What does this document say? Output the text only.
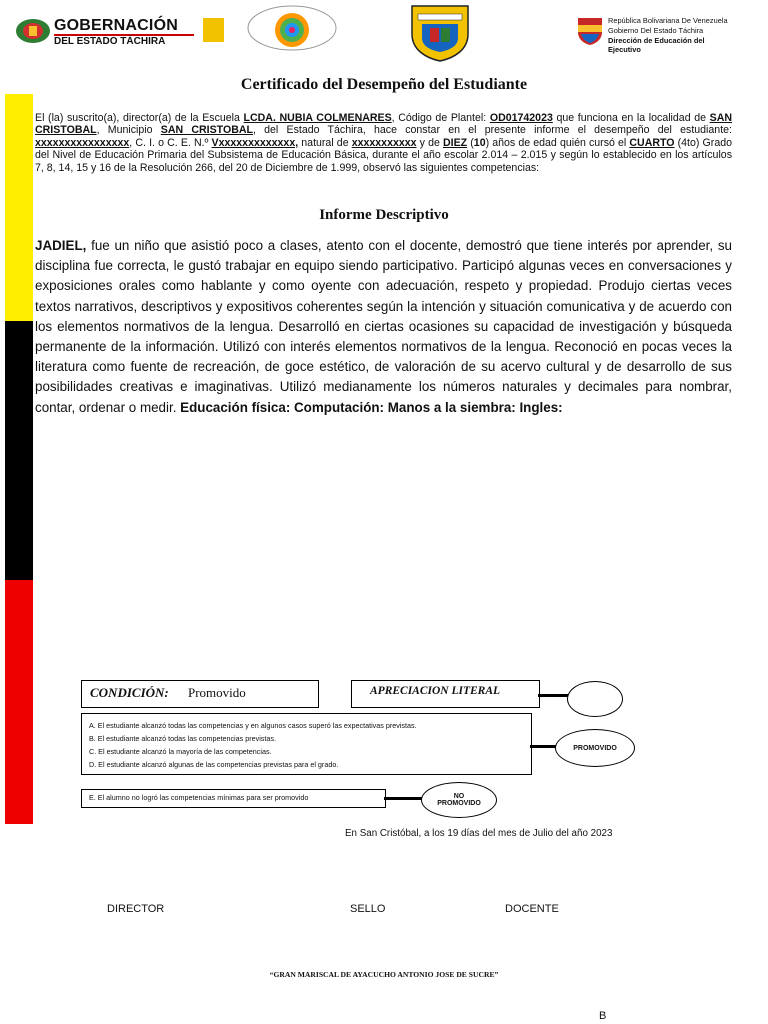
GOBERNACIÓN
DEL ESTADO TÁCHIRA
República Bolivariana De Venezuela
Gobierno Del Estado Táchira
Dirección de Educación del Ejecutivo
Certificado del Desempeño del Estudiante
El (la) suscrito(a), director(a) de la Escuela LCDA. NUBIA COLMENARES, Código de Plantel: OD01742023 que funciona en la localidad de SAN CRISTOBAL, Municipio SAN CRISTOBAL, del Estado Táchira, hace constar en el presente informe el desempeño del estudiante: xxxxxxxxxxxxxxxx, C. I. o C. E. N.º Vxxxxxxxxxxxxx, natural de xxxxxxxxxxx y de DIEZ (10) años de edad quién cursó el CUARTO (4to) Grado del Nivel de Educación Primaria del Subsistema de Educación Básica, durante el año escolar 2.014 – 2.015 y según lo establecido en los artículos 7, 8, 14, 15 y 16 de la Resolución 266, del 20 de Diciembre de 1.999, observó las siguientes competencias:
Informe Descriptivo
JADIEL, fue un niño que asistió poco a clases, atento con el docente, demostró que tiene interés por aprender, su disciplina fue correcta, le gustó trabajar en equipo siendo participativo. Participó algunas veces en conversaciones y exposiciones orales como hablante y como oyente con adecuación, respeto y propiedad. Produjo ciertas veces textos narrativos, descriptivos y expositivos coherentes según la intención y situación comunicativa y de acuerdo con los elementos normativos de la lengua. Desarrolló en ciertas ocasiones su capacidad de investigación y búsqueda permanente de la información. Utilizó con interés elementos normativos de la lengua. Reconoció en pocas veces la literatura como fuente de recreación, de goce estético, de valoración de su acervo cultural y de desarrollo de sus posibilidades creativas e imaginativas. Utilizó medianamente los números naturales y decimales para nombrar, contar, ordenar o medir. Educación física: Computación: Manos a la siembra: Ingles:
CONDICIÓN: Promovido	APRECIACION LITERAL
A. El estudiante alcanzó todas las competencias y en algunos casos superó las expectativas previstas.
B. El estudiante alcanzó todas las competencias previstas.
C. El estudiante alcanzó la mayoría de las competencias.
D. El estudiante alcanzó algunas de las competencias previstas para el grado.
PROMOVIDO
E. El alumno no logró las competencias mínimas para ser promovido	NO PROMOVIDO
En San Cristóbal, a los 19 días del mes de Julio del año 2023
DIRECTOR	SELLO	DOCENTE
“GRAN MARISCAL DE AYACUCHO ANTONIO JOSE DE SUCRE”
B
